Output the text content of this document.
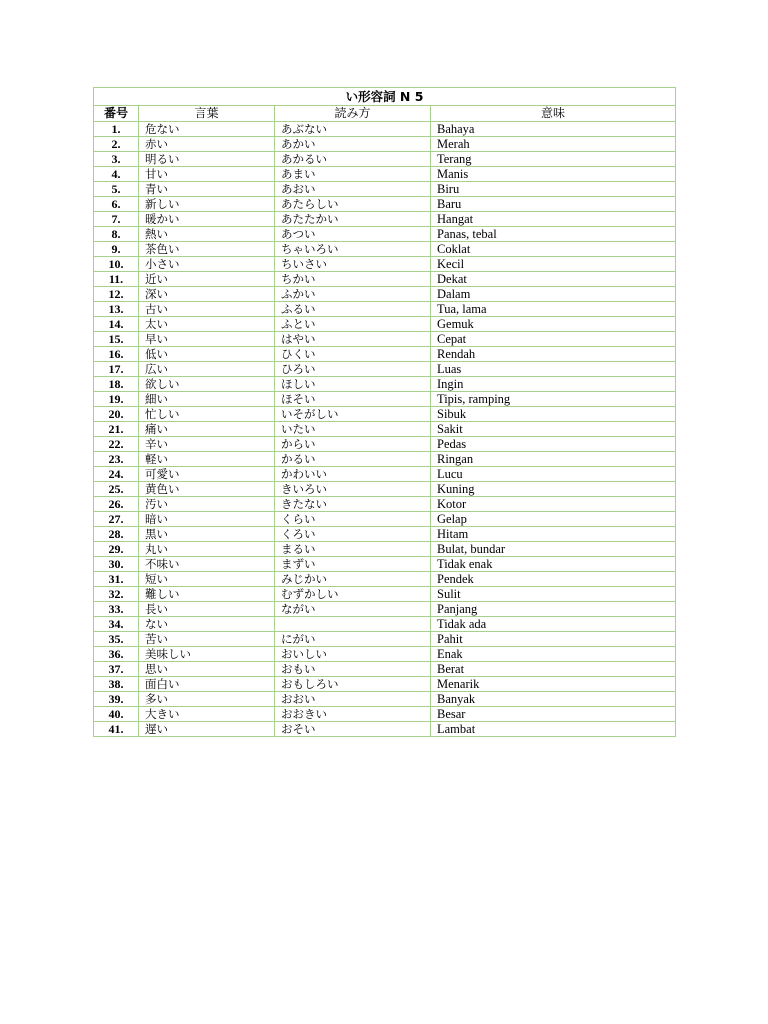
い形容詞 N 5			
番号	言葉	読み方	意味
1.	危ない	あぶない	Bahaya
2.	赤い	あかい	Merah
3.	明るい	あかるい	Terang
4.	甘い	あまい	Manis
5.	青い	あおい	Biru
6.	新しい	あたらしい	Baru
7.	暖かい	あたたかい	Hangat
8.	熱い	あつい	Panas, tebal
9.	茶色い	ちゃいろい	Coklat
10.	小さい	ちいさい	Kecil
11.	近い	ちかい	Dekat
12.	深い	ふかい	Dalam
13.	古い	ふるい	Tua, lama
14.	太い	ふとい	Gemuk
15.	早い	はやい	Cepat
16.	低い	ひくい	Rendah
17.	広い	ひろい	Luas
18.	欲しい	ほしい	Ingin
19.	細い	ほそい	Tipis, ramping
20.	忙しい	いそがしい	Sibuk
21.	痛い	いたい	Sakit
22.	辛い	からい	Pedas
23.	軽い	かるい	Ringan
24.	可愛い	かわいい	Lucu
25.	黄色い	きいろい	Kuning
26.	汚い	きたない	Kotor
27.	暗い	くらい	Gelap
28.	黒い	くろい	Hitam
29.	丸い	まるい	Bulat, bundar
30.	不味い	まずい	Tidak enak
31.	短い	みじかい	Pendek
32.	難しい	むずかしい	Sulit
33.	長い	ながい	Panjang
34.	ない		Tidak ada
35.	苦い	にがい	Pahit
36.	美味しい	おいしい	Enak
37.	思い	おもい	Berat
38.	面白い	おもしろい	Menarik
39.	多い	おおい	Banyak
40.	大きい	おおきい	Besar
41.	遅い	おそい	Lambat
